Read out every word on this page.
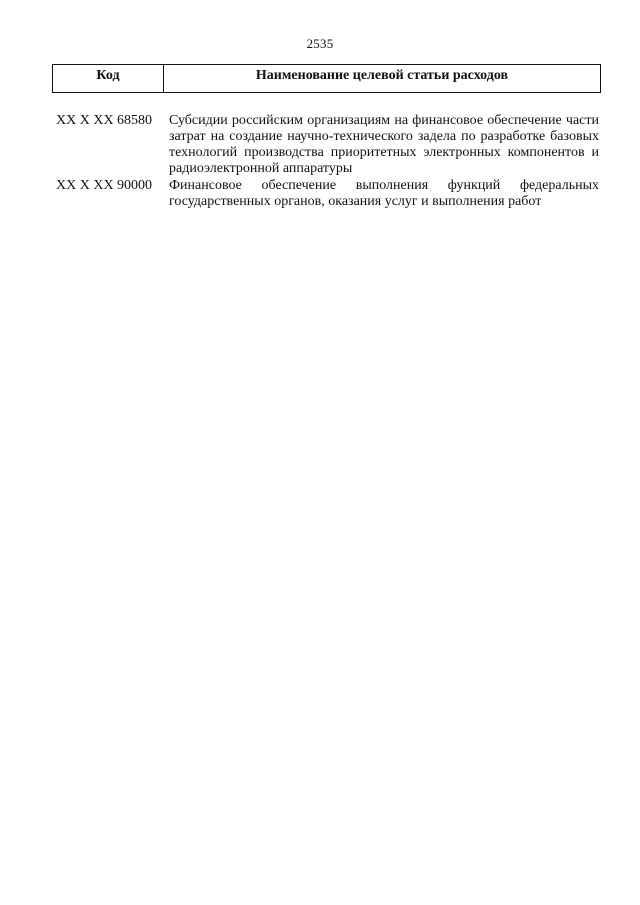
2535
Код	Наименование целевой статьи расходов
XX X XX 68580	Субсидии российским организациям на финансовое обеспечение части затрат на создание научно-технического задела по разработке базовых технологий производства приоритетных электронных компонентов и радиоэлектронной аппаратуры
XX X XX 90000	Финансовое обеспечение выполнения функций федеральных государственных органов, оказания услуг и выполнения работ
